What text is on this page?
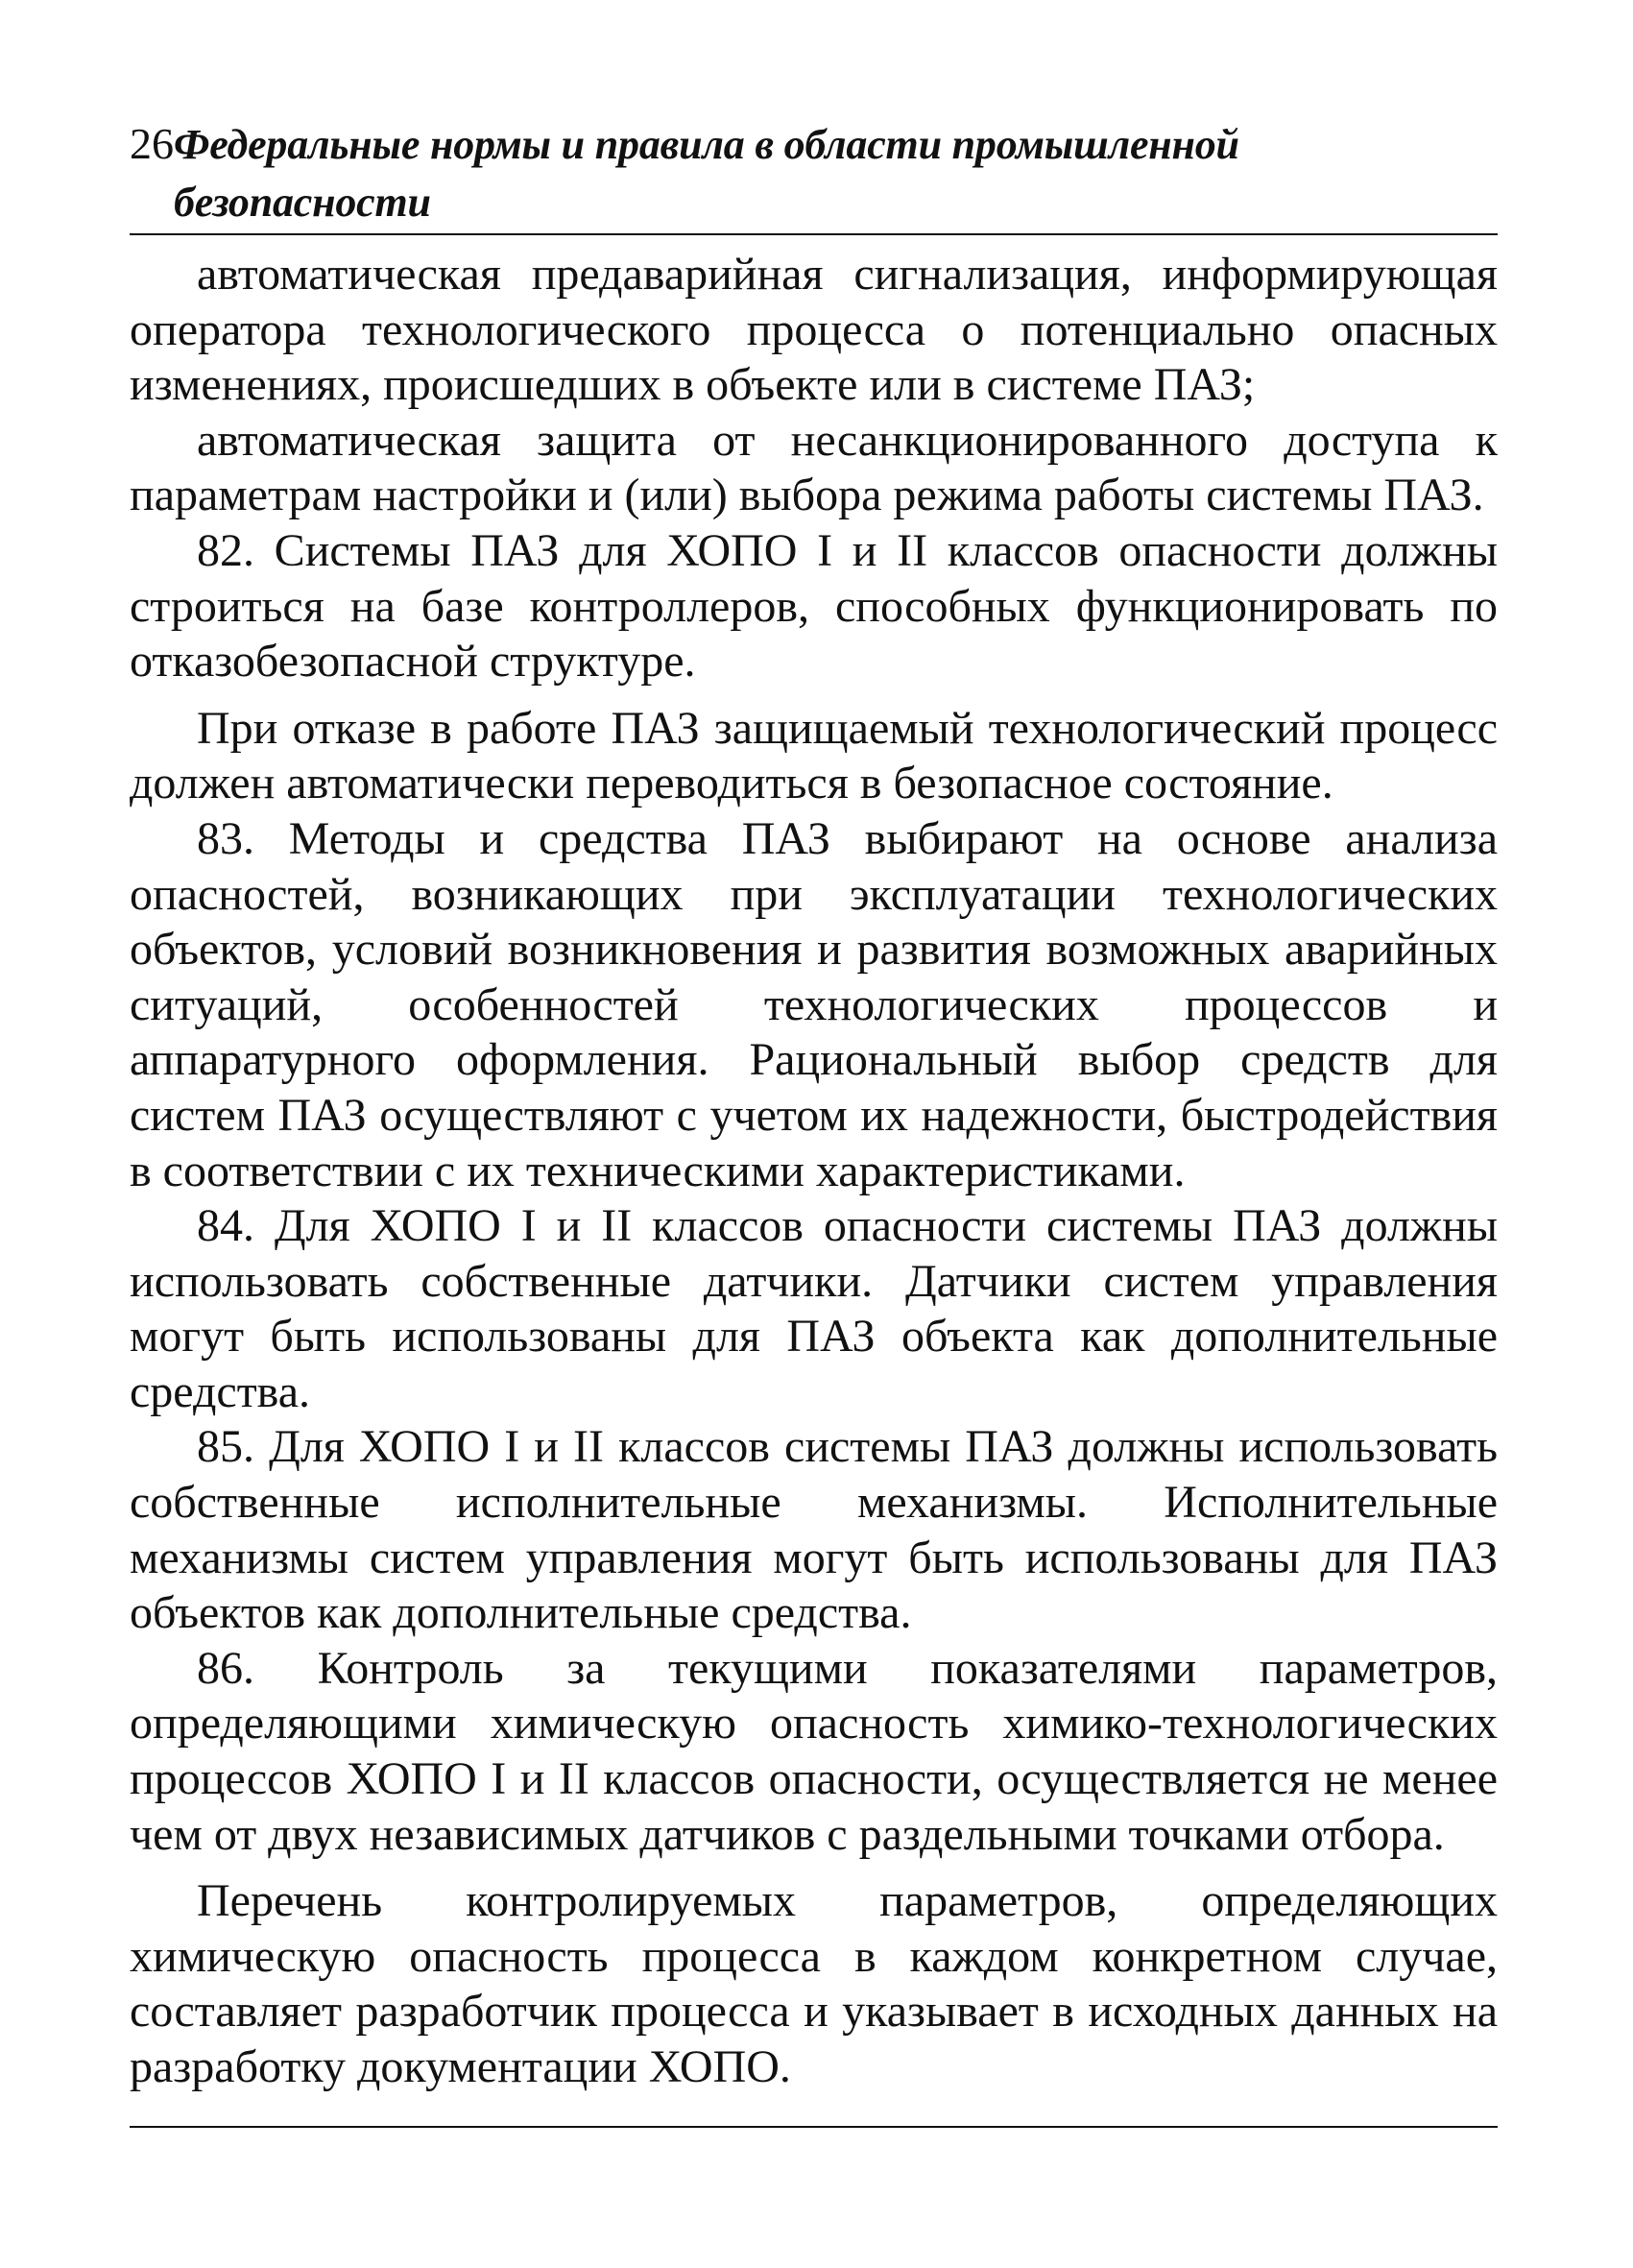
26 Федеральные нормы и правила в области промышленной безопасности

автоматическая предаварийная сигнализация, информирующая оператора технологического процесса о потенциально опасных изменениях, происшедших в объекте или в системе ПАЗ;

автоматическая защита от несанкционированного доступа к параметрам настройки и (или) выбора режима работы системы ПАЗ.

82. Системы ПАЗ для ХОПО I и II классов опасности должны строиться на базе контроллеров, способных функционировать по отказобезопасной структуре.

При отказе в работе ПАЗ защищаемый технологический процесс должен автоматически переводиться в безопасное состояние.

83. Методы и средства ПАЗ выбирают на основе анализа опасностей, возникающих при эксплуатации технологических объектов, условий возникновения и развития возможных аварийных ситуаций, особенностей технологических процессов и аппаратурного оформления. Рациональный выбор средств для систем ПАЗ осуществляют с учетом их надежности, быстродействия в соответствии с их техническими характеристиками.

84. Для ХОПО I и II классов опасности системы ПАЗ должны использовать собственные датчики. Датчики систем управления могут быть использованы для ПАЗ объекта как дополнительные средства.

85. Для ХОПО I и II классов системы ПАЗ должны использовать собственные исполнительные механизмы. Исполнительные механизмы систем управления могут быть использованы для ПАЗ объектов как дополнительные средства.

86. Контроль за текущими показателями параметров, определяющими химическую опасность химико-технологических процессов ХОПО I и II классов опасности, осуществляется не менее чем от двух независимых датчиков с раздельными точками отбора.

Перечень контролируемых параметров, определяющих химическую опасность процесса в каждом конкретном случае, составляет разработчик процесса и указывает в исходных данных на разработку документации ХОПО.
